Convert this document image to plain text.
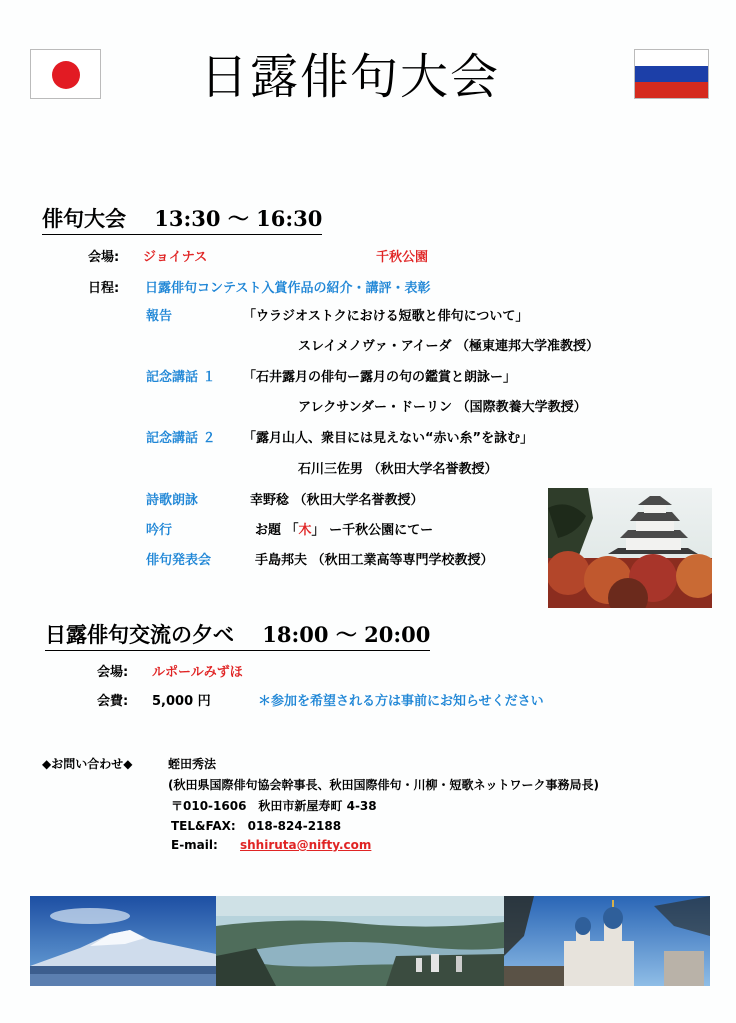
日露俳句大会
俳句大会　 13:30 ～ 16:30
会場: ジョイナス	千秋公園
日程: 日露俳句コンテスト入賞作品の紹介・講評・表彰
報告	「ウラジオストクにおける短歌と俳句について」
スレイメノヴァ・アイーダ （極東連邦大学准教授）
記念講話 １ 「石井露月の俳句ー露月の句の鑑賞と朗詠ー」
アレクサンダー・ドーリン （国際教養大学教授）
記念講話 ２ 「露月山人、衆目には見えない“赤い糸”を詠む」
石川三佐男 （秋田大学名誉教授）
詩歌朗詠	幸野稔 （秋田大学名誉教授）
吟行	お題 「木」 ー千秋公園にてー
俳句発表会	手島邦夫 （秋田工業高等専門学校教授）
日露俳句交流の夕べ　 18:00 ～ 20:00
会場: ルポールみずほ
会費: 5,000 円	＊参加を希望される方は事前にお知らせください
◆お問い合わせ◆	蛭田秀法
(秋田県国際俳句協会幹事長、秋田国際俳句・川柳・短歌ネットワーク事務局長)
〒010-1606　秋田市新屋寿町 4-38
TEL&FAX:　018-824-2188
E-mail: shhiruta@nifty.com
